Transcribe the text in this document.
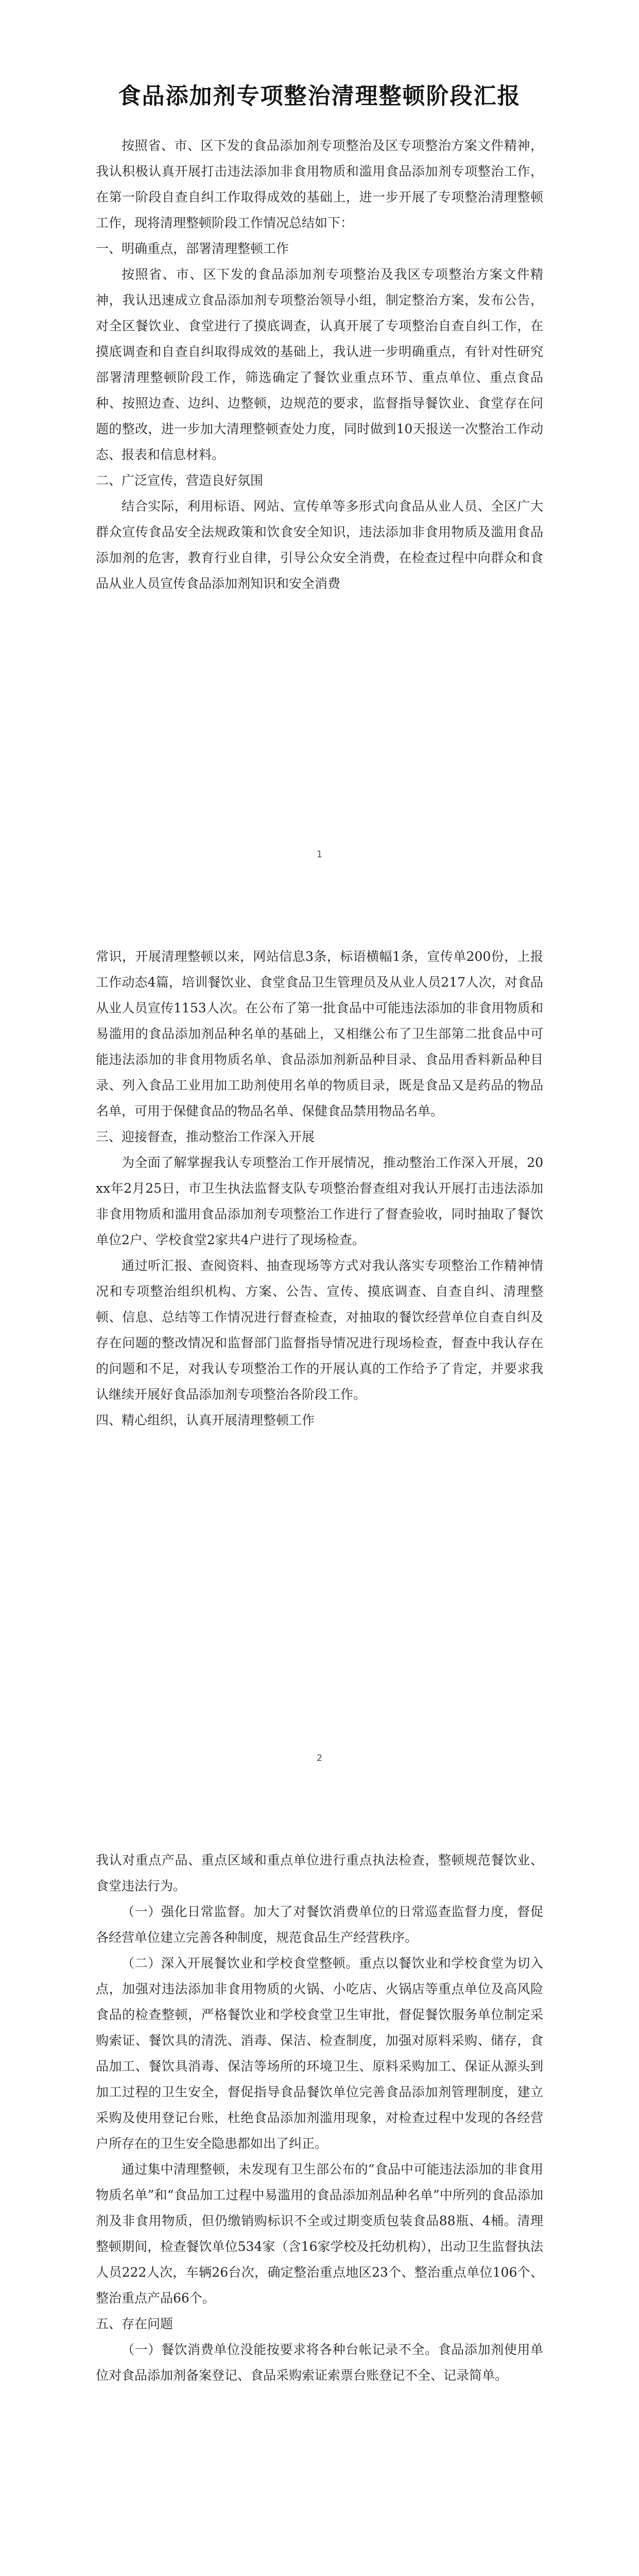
食品添加剂专项整治清理整顿阶段汇报

按照省、市、区下发的食品添加剂专项整治及区专项整治方案文件精神，我认积极认真开展打击违法添加非食用物质和滥用食品添加剂专项整治工作，在第一阶段自查自纠工作取得成效的基础上，进一步开展了专项整治清理整顿工作，现将清理整顿阶段工作情况总结如下：

一、明确重点，部署清理整顿工作

按照省、市、区下发的食品添加剂专项整治及我区专项整治方案文件精神，我认迅速成立食品添加剂专项整治领导小组，制定整治方案，发布公告，对全区餐饮业、食堂进行了摸底调查，认真开展了专项整治自查自纠工作，在摸底调查和自查自纠取得成效的基础上，我认进一步明确重点，有针对性研究部署清理整顿阶段工作，筛选确定了餐饮业重点环节、重点单位、重点食品种、按照边查、边纠、边整顿，边规范的要求，监督指导餐饮业、食堂存在问题的整改，进一步加大清理整顿查处力度，同时做到10天报送一次整治工作动态、报表和信息材料。

二、广泛宣传，营造良好氛围

结合实际，利用标语、网站、宣传单等多形式向食品从业人员、全区广大群众宣传食品安全法规政策和饮食安全知识，违法添加非食用物质及滥用食品添加剂的危害，教育行业自律，引导公众安全消费，在检查过程中向群众和食品从业人员宣传食品添加剂知识和安全消费

1

常识，开展清理整顿以来，网站信息3条，标语横幅1条，宣传单200份，上报工作动态4篇，培训餐饮业、食堂食品卫生管理员及从业人员217人次，对食品从业人员宣传1153人次。在公布了第一批食品中可能违法添加的非食用物质和易滥用的食品添加剂品种名单的基础上，又相继公布了卫生部第二批食品中可能违法添加的非食用物质名单、食品添加剂新品种目录、食品用香料新品种目录、列入食品工业用加工助剂使用名单的物质目录，既是食品又是药品的物品名单，可用于保健食品的物品名单、保健食品禁用物品名单。

三、迎接督查，推动整治工作深入开展

为全面了解掌握我认专项整治工作开展情况，推动整治工作深入开展，20xx年2月25日，市卫生执法监督支队专项整治督查组对我认开展打击违法添加非食用物质和滥用食品添加剂专项整治工作进行了督查验收，同时抽取了餐饮单位2户、学校食堂2家共4户进行了现场检查。

通过听汇报、查阅资料、抽查现场等方式对我认落实专项整治工作精神情况和专项整治组织机构、方案、公告、宣传、摸底调查、自查自纠、清理整顿、信息、总结等工作情况进行督查检查，对抽取的餐饮经营单位自查自纠及存在问题的整改情况和监督部门监督指导情况进行现场检查，督查中我认存在的问题和不足，对我认专项整治工作的开展认真的工作给予了肯定，并要求我认继续开展好食品添加剂专项整治各阶段工作。

四、精心组织，认真开展清理整顿工作

2

我认对重点产品、重点区域和重点单位进行重点执法检查，整顿规范餐饮业、食堂违法行为。

（一）强化日常监督。加大了对餐饮消费单位的日常巡查监督力度，督促各经营单位建立完善各种制度，规范食品生产经营秩序。

（二）深入开展餐饮业和学校食堂整顿。重点以餐饮业和学校食堂为切入点，加强对违法添加非食用物质的火锅、小吃店、火锅店等重点单位及高风险食品的检查整顿，严格餐饮业和学校食堂卫生审批，督促餐饮服务单位制定采购索证、餐饮具的清洗、消毒、保洁、检查制度，加强对原料采购、储存，食品加工、餐饮具消毒、保洁等场所的环境卫生、原料采购加工、保证从源头到加工过程的卫生安全，督促指导食品餐饮单位完善食品添加剂管理制度，建立采购及使用登记台账，杜绝食品添加剂滥用现象，对检查过程中发现的各经营户所存在的卫生安全隐患都如出了纠正。

通过集中清理整顿，未发现有卫生部公布的“食品中可能违法添加的非食用物质名单”和“食品加工过程中易滥用的食品添加剂品种名单”中所列的食品添加剂及非食用物质，但仍缴销购标识不全或过期变质包装食品88瓶、4桶。清理整顿期间，检查餐饮单位534家（含16家学校及托幼机构），出动卫生监督执法人员222人次，车辆26台次，确定整治重点地区23个、整治重点单位106个、整治重点产品66个。

五、存在问题

（一）餐饮消费单位没能按要求将各种台帐记录不全。食品添加剂使用单位对食品添加剂备案登记、食品采购索证索票台账登记不全、记录简单。
